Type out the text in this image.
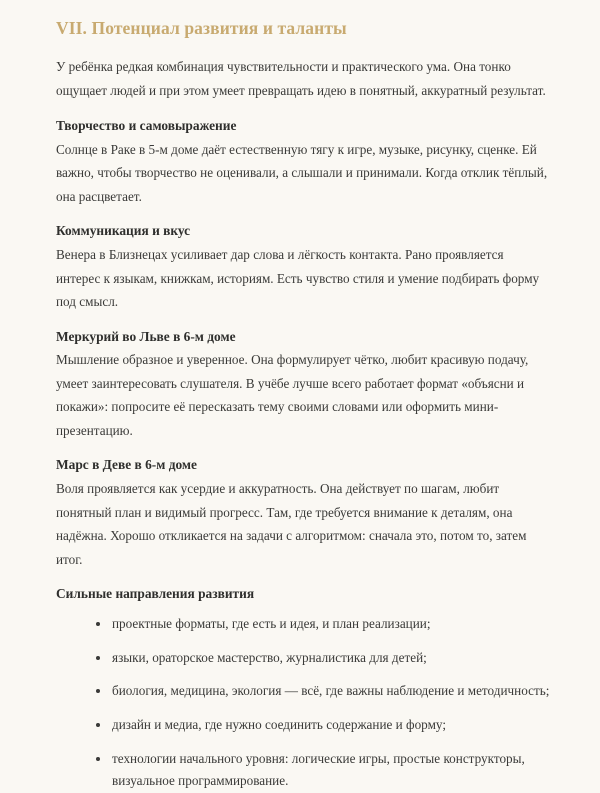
VII. Потенциал развития и таланты

У ребёнка редкая комбинация чувствительности и практического ума. Она тонко ощущает людей и при этом умеет превращать идею в понятный, аккуратный результат.

Творчество и самовыражение

Солнце в Раке в 5-м доме даёт естественную тягу к игре, музыке, рисунку, сценке. Ей важно, чтобы творчество не оценивали, а слышали и принимали. Когда отклик тёплый, она расцветает.

Коммуникация и вкус

Венера в Близнецах усиливает дар слова и лёгкость контакта. Рано проявляется интерес к языкам, книжкам, историям. Есть чувство стиля и умение подбирать форму под смысл.

Меркурий во Льве в 6-м доме

Мышление образное и уверенное. Она формулирует чётко, любит красивую подачу, умеет заинтересовать слушателя. В учёбе лучше всего работает формат «объясни и покажи»: попросите её пересказать тему своими словами или оформить мини-презентацию.

Марс в Деве в 6-м доме

Воля проявляется как усердие и аккуратность. Она действует по шагам, любит понятный план и видимый прогресс. Там, где требуется внимание к деталям, она надёжна. Хорошо откликается на задачи с алгоритмом: сначала это, потом то, затем итог.

Сильные направления развития
проектные форматы, где есть и идея, и план реализации;
языки, ораторское мастерство, журналистика для детей;
биология, медицина, экология — всё, где важны наблюдение и методичность;
дизайн и медиа, где нужно соединить содержание и форму;
технологии начального уровня: логические игры, простые конструкторы, визуальное программирование.
